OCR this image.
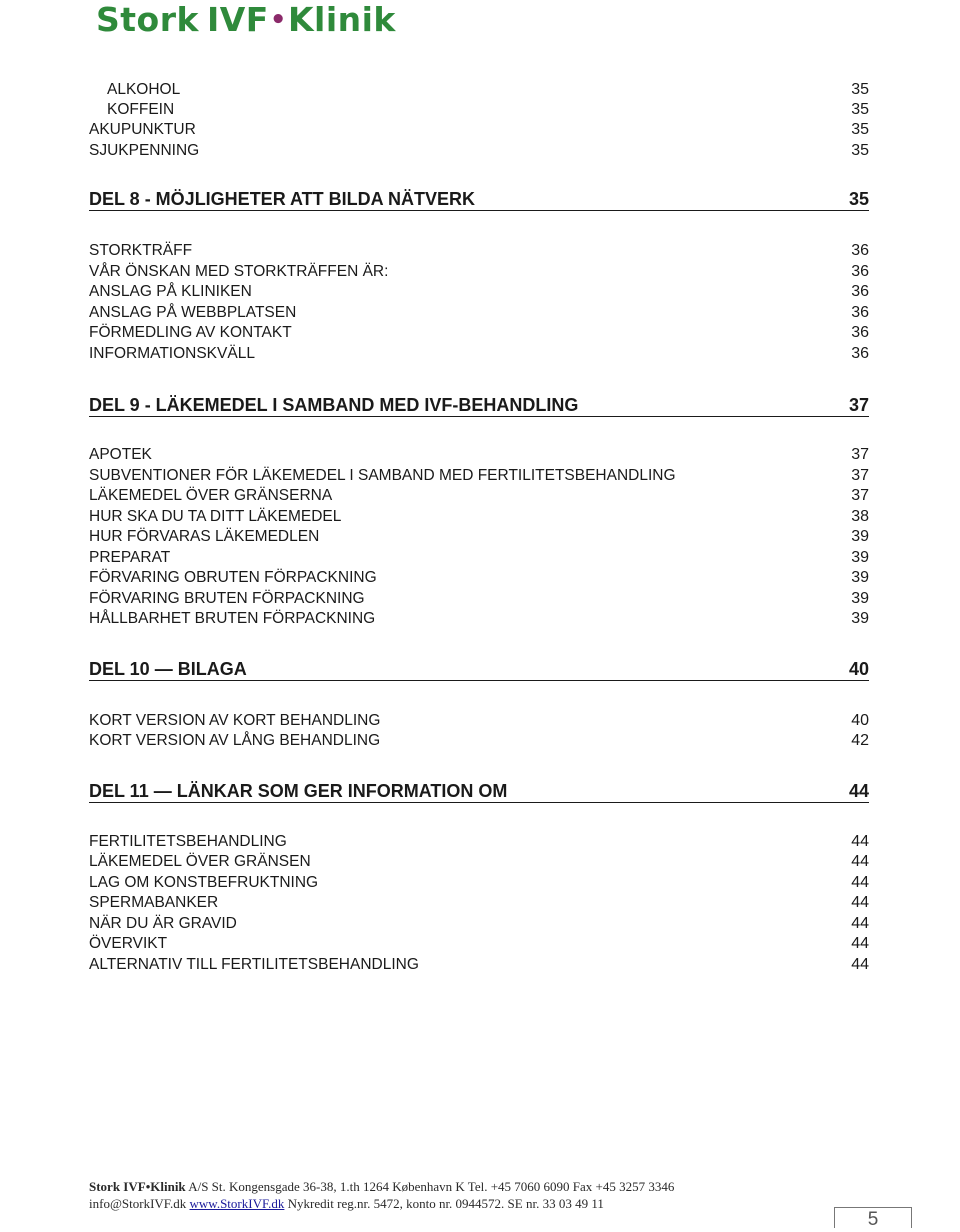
Stork IVF•Klinik
ALKOHOL	35
KOFFEIN	35
AKUPUNKTUR	35
SJUKPENNING	35
DEL 8 - MÖJLIGHETER ATT BILDA NÄTVERK	35
STORKTRÄFF	36
VÅR ÖNSKAN MED STORKTRÄFFEN ÄR:	36
ANSLAG PÅ KLINIKEN	36
ANSLAG PÅ WEBBPLATSEN	36
FÖRMEDLING AV KONTAKT	36
INFORMATIONSKVÄLL	36
DEL 9 - LÄKEMEDEL I SAMBAND MED IVF-BEHANDLING	37
APOTEK	37
SUBVENTIONER FÖR LÄKEMEDEL I SAMBAND MED FERTILITETSBEHANDLING	37
LÄKEMEDEL ÖVER GRÄNSERNA	37
HUR SKA DU TA DITT LÄKEMEDEL	38
HUR FÖRVARAS LÄKEMEDLEN	39
PREPARAT	39
FÖRVARING OBRUTEN FÖRPACKNING	39
FÖRVARING BRUTEN FÖRPACKNING	39
HÅLLBARHET BRUTEN FÖRPACKNING	39
DEL 10 — BILAGA	40
KORT VERSION AV KORT BEHANDLING	40
KORT VERSION AV LÅNG BEHANDLING	42
DEL 11 — LÄNKAR SOM GER INFORMATION OM	44
FERTILITETSBEHANDLING	44
LÄKEMEDEL ÖVER GRÄNSEN	44
LAG OM KONSTBEFRUKTNING	44
SPERMABANKER	44
NÄR DU ÄR GRAVID	44
ÖVERVIKT	44
ALTERNATIV TILL FERTILITETSBEHANDLING	44
Stork IVF•Klinik A/S St. Kongensgade 36-38, 1.th 1264 København K Tel. +45 7060 6090 Fax +45 3257 3346
info@StorkIVF.dk www.StorkIVF.dk Nykredit reg.nr. 5472, konto nr. 0944572. SE nr. 33 03 49 11
5
